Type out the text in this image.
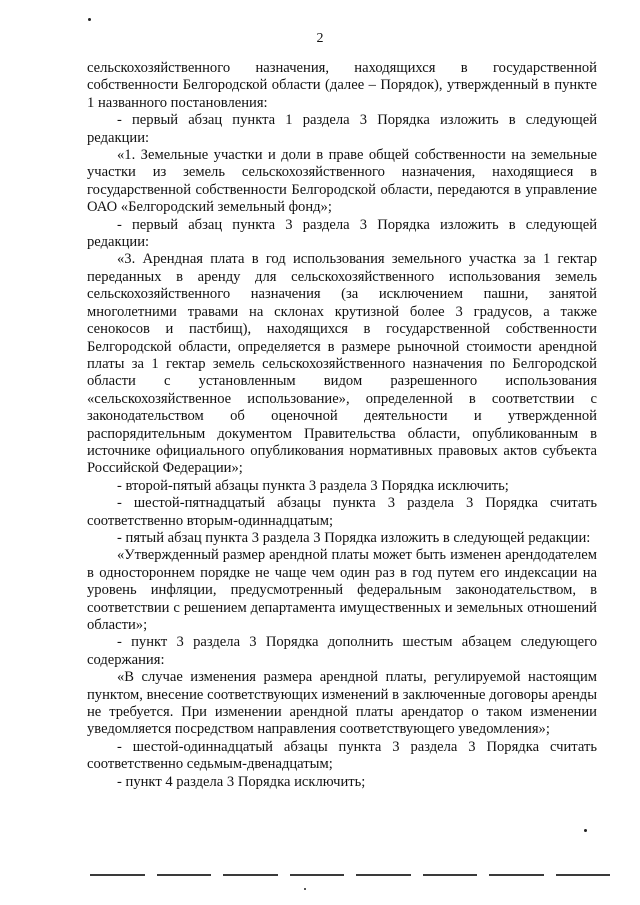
2

сельскохозяйственного назначения, находящихся в государственной собственности Белгородской области (далее – Порядок), утвержденный в пункте 1 названного постановления:

- первый абзац пункта 1 раздела 3 Порядка изложить в следующей редакции:

«1. Земельные участки и доли в праве общей собственности на земельные участки из земель сельскохозяйственного назначения, находящиеся в государственной собственности Белгородской области, передаются в управление ОАО «Белгородский земельный фонд»;

- первый абзац пункта 3 раздела 3 Порядка изложить в следующей редакции:

«3. Арендная плата в год использования земельного участка за 1 гектар переданных в аренду для сельскохозяйственного использования земель сельскохозяйственного назначения (за исключением пашни, занятой многолетними травами на склонах крутизной более 3 градусов, а также сенокосов и пастбищ), находящихся в государственной собственности Белгородской области, определяется в размере рыночной стоимости арендной платы за 1 гектар земель сельскохозяйственного назначения по Белгородской области с установленным видом разрешенного использования «сельскохозяйственное использование», определенной в соответствии с законодательством об оценочной деятельности и утвержденной распорядительным документом Правительства области, опубликованным в источнике официального опубликования нормативных правовых актов субъекта Российской Федерации»;

- второй-пятый абзацы пункта 3 раздела 3 Порядка исключить;

- шестой-пятнадцатый абзацы пункта 3 раздела 3 Порядка считать соответственно вторым-одиннадцатым;

- пятый абзац пункта 3 раздела 3 Порядка изложить в следующей редакции:

«Утвержденный размер арендной платы может быть изменен арендодателем в одностороннем порядке не чаще чем один раз в год путем его индексации на уровень инфляции, предусмотренный федеральным законодательством, в соответствии с решением департамента имущественных и земельных отношений области»;

- пункт 3 раздела 3 Порядка дополнить шестым абзацем следующего содержания:

«В случае изменения размера арендной платы, регулируемой настоящим пунктом, внесение соответствующих изменений в заключенные договоры аренды не требуется. При изменении арендной платы арендатор о таком изменении уведомляется посредством направления соответствующего уведомления»;

- шестой-одиннадцатый абзацы пункта 3 раздела 3 Порядка считать соответственно седьмым-двенадцатым;

- пункт 4 раздела 3 Порядка исключить;
